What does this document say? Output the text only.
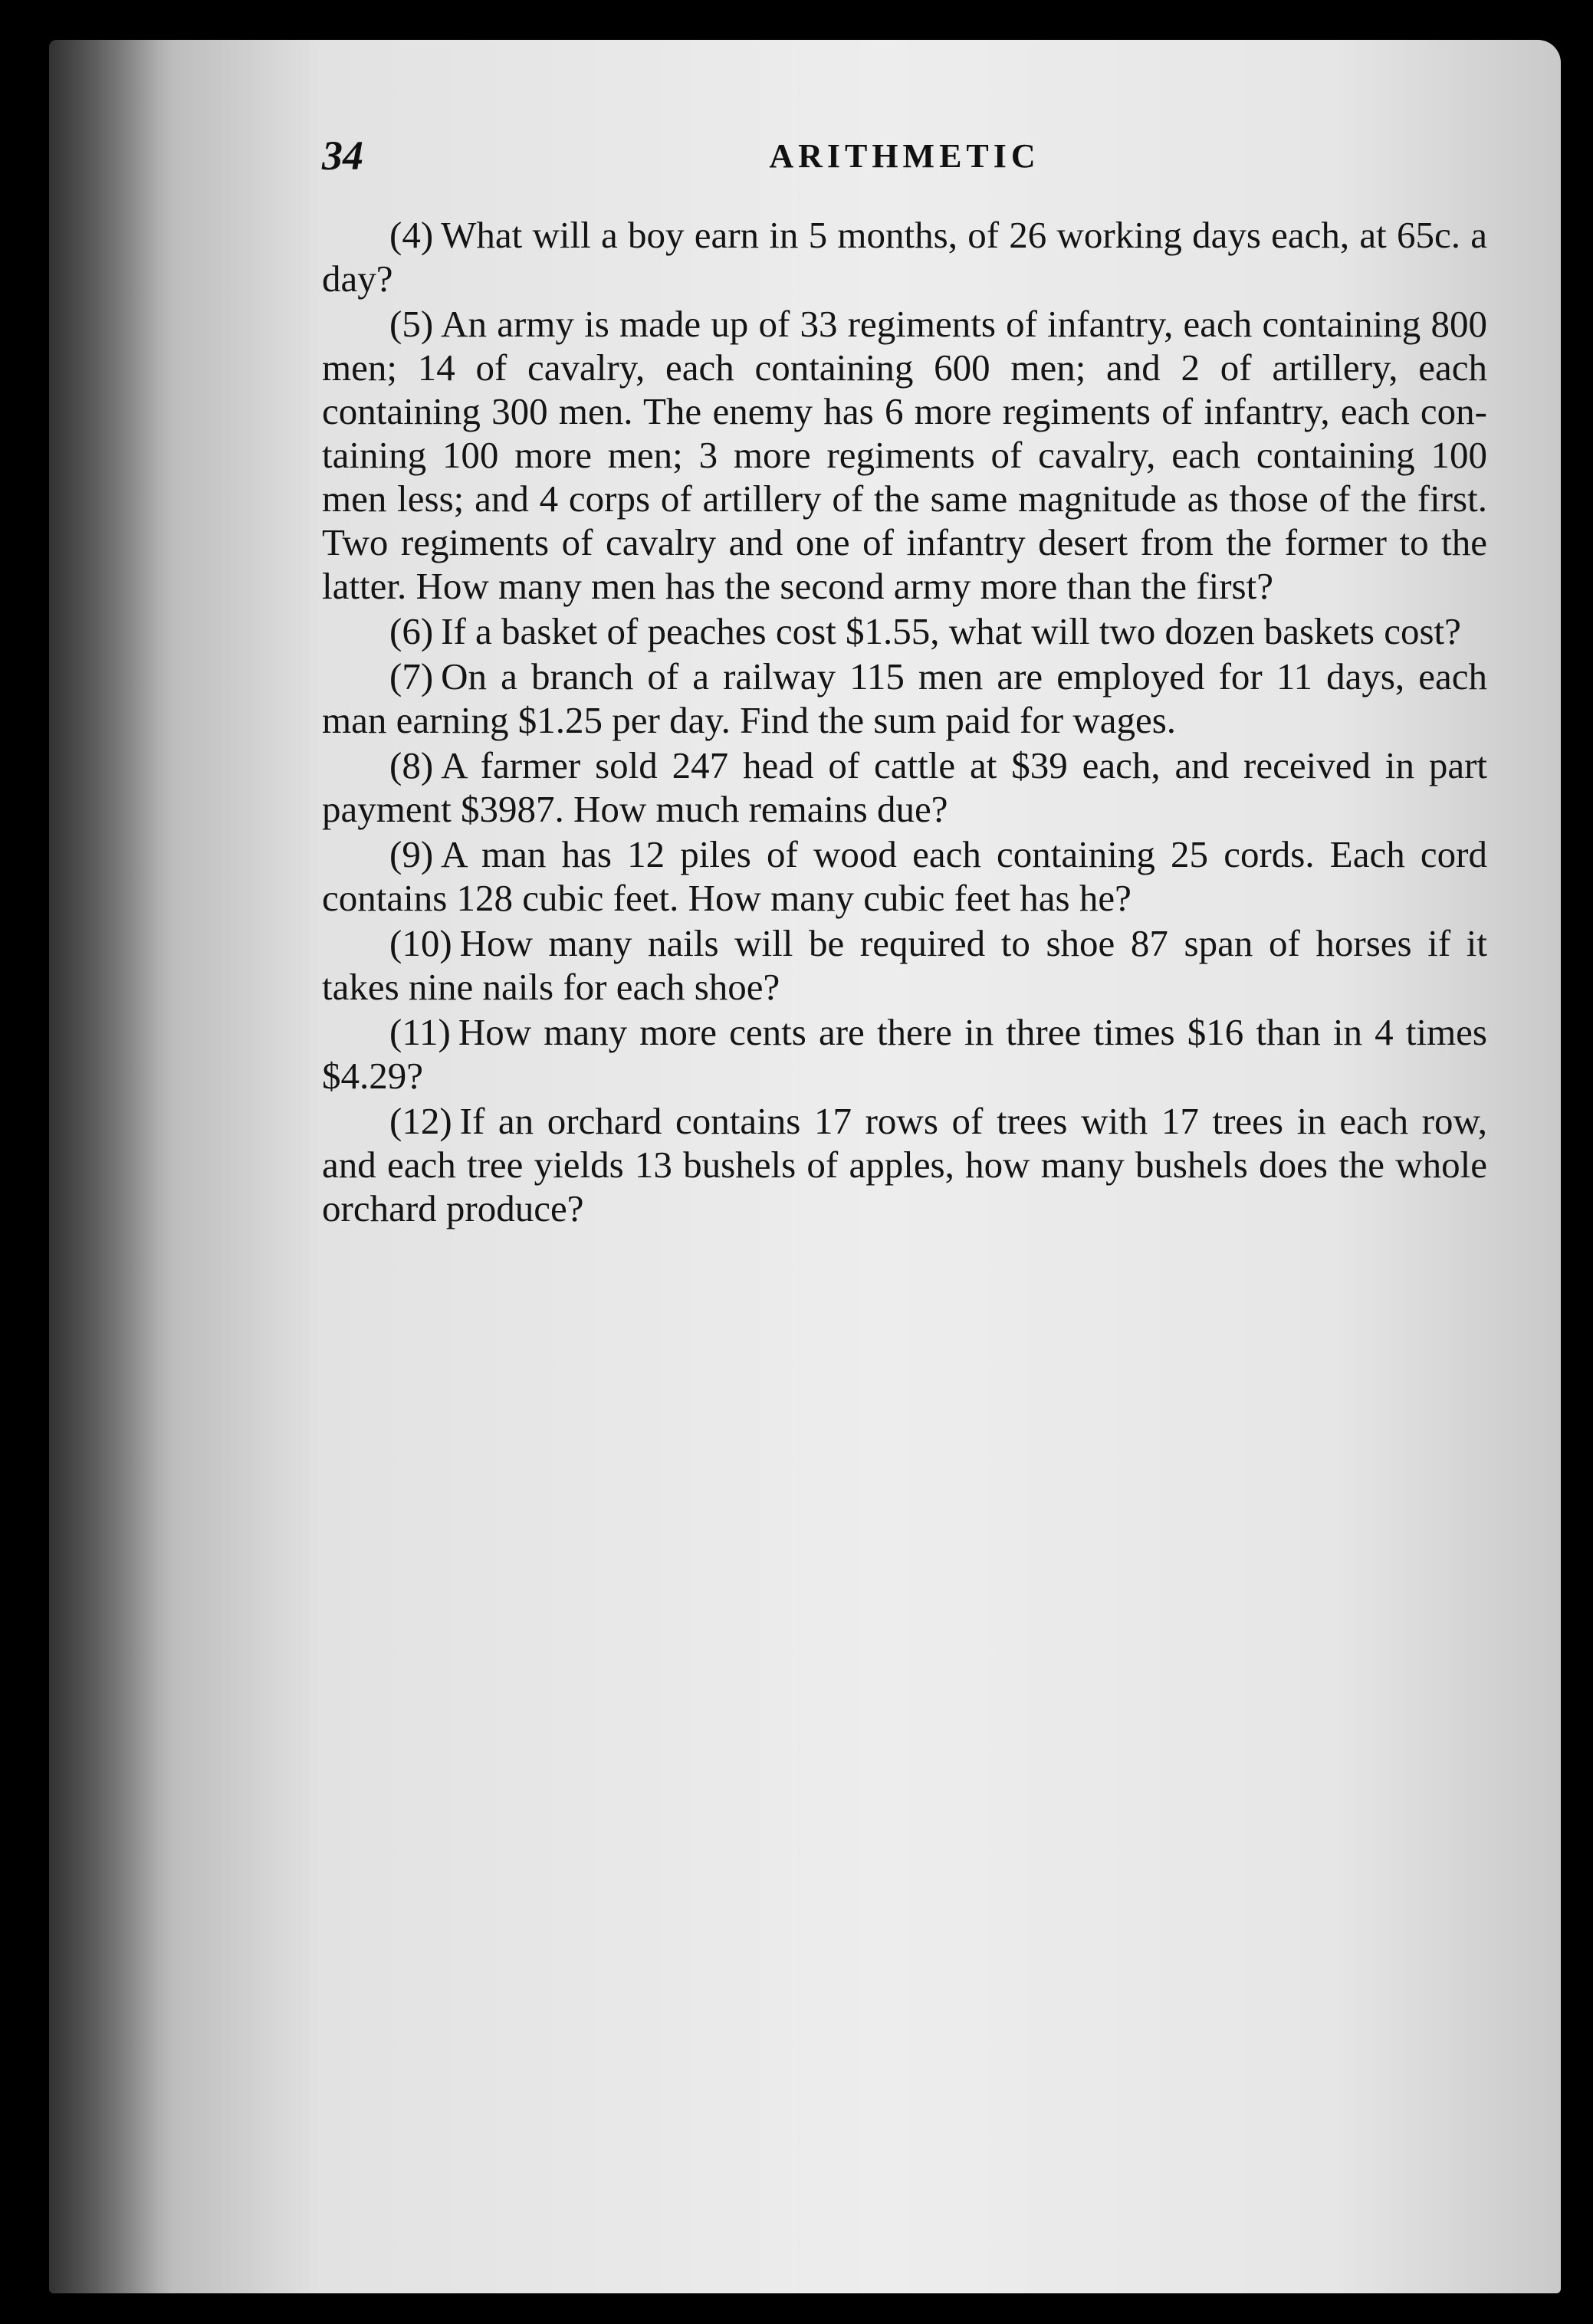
34	ARITHMETIC

(4) What will a boy earn in 5 months, of 26 working days each, at 65c. a day?

(5) An army is made up of 33 regiments of infantry, each containing 800 men; 14 of cavalry, each containing 600 men; and 2 of artillery, each containing 300 men. The enemy has 6 more regiments of infantry, each containing 100 more men; 3 more regiments of cavalry, each containing 100 men less; and 4 corps of artillery of the same magnitude as those of the first. Two regiments of cavalry and one of infantry desert from the former to the latter. How many men has the second army more than the first?

(6) If a basket of peaches cost $1.55, what will two dozen baskets cost?

(7) On a branch of a railway 115 men are employed for 11 days, each man earning $1.25 per day. Find the sum paid for wages.

(8) A farmer sold 247 head of cattle at $39 each, and received in part payment $3987. How much remains due?

(9) A man has 12 piles of wood each containing 25 cords. Each cord contains 128 cubic feet. How many cubic feet has he?

(10) How many nails will be required to shoe 87 span of horses if it takes nine nails for each shoe?

(11) How many more cents are there in three times $16 than in 4 times $4.29?

(12) If an orchard contains 17 rows of trees with 17 trees in each row, and each tree yields 13 bushels of apples, how many bushels does the whole orchard produce?
